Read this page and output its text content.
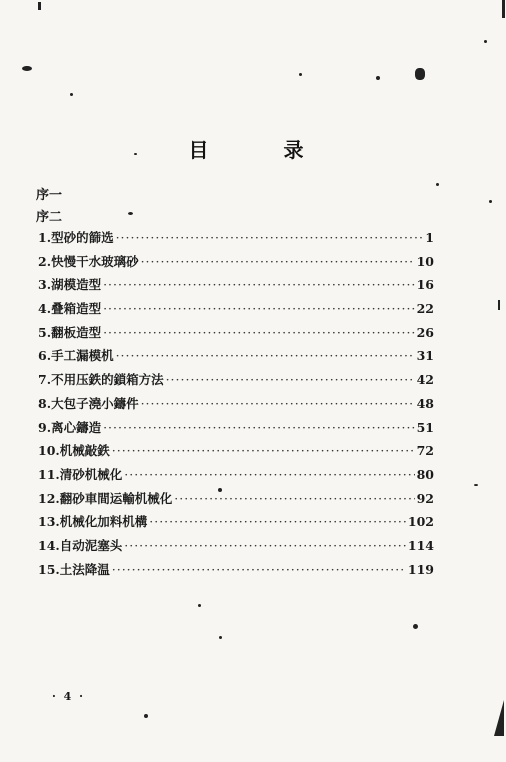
目 录
序一
序二
1. 型砂的篩选 ·····	1
2. 快慢干水玻璃砂 ·····	10
3. 湖模造型 ·····	16
4. 叠箱造型 ·····	22
5. 翻板造型 ·····	26
6. 手工漏模机 ·····	31
7. 不用压鉄的鎖箱方法 ·····	42
8. 大包子澆小鑄件 ·····	48
9. 离心鑄造 ·····	51
10. 机械敲鉄 ·····	72
11. 清砂机械化 ·····	80
12. 翻砂車間运輸机械化 ·····	92
13. 机械化加料机構 ·····	102
14. 自动泥塞头 ·····	114
15. 土法降温 ·····	119
· 4 ·
